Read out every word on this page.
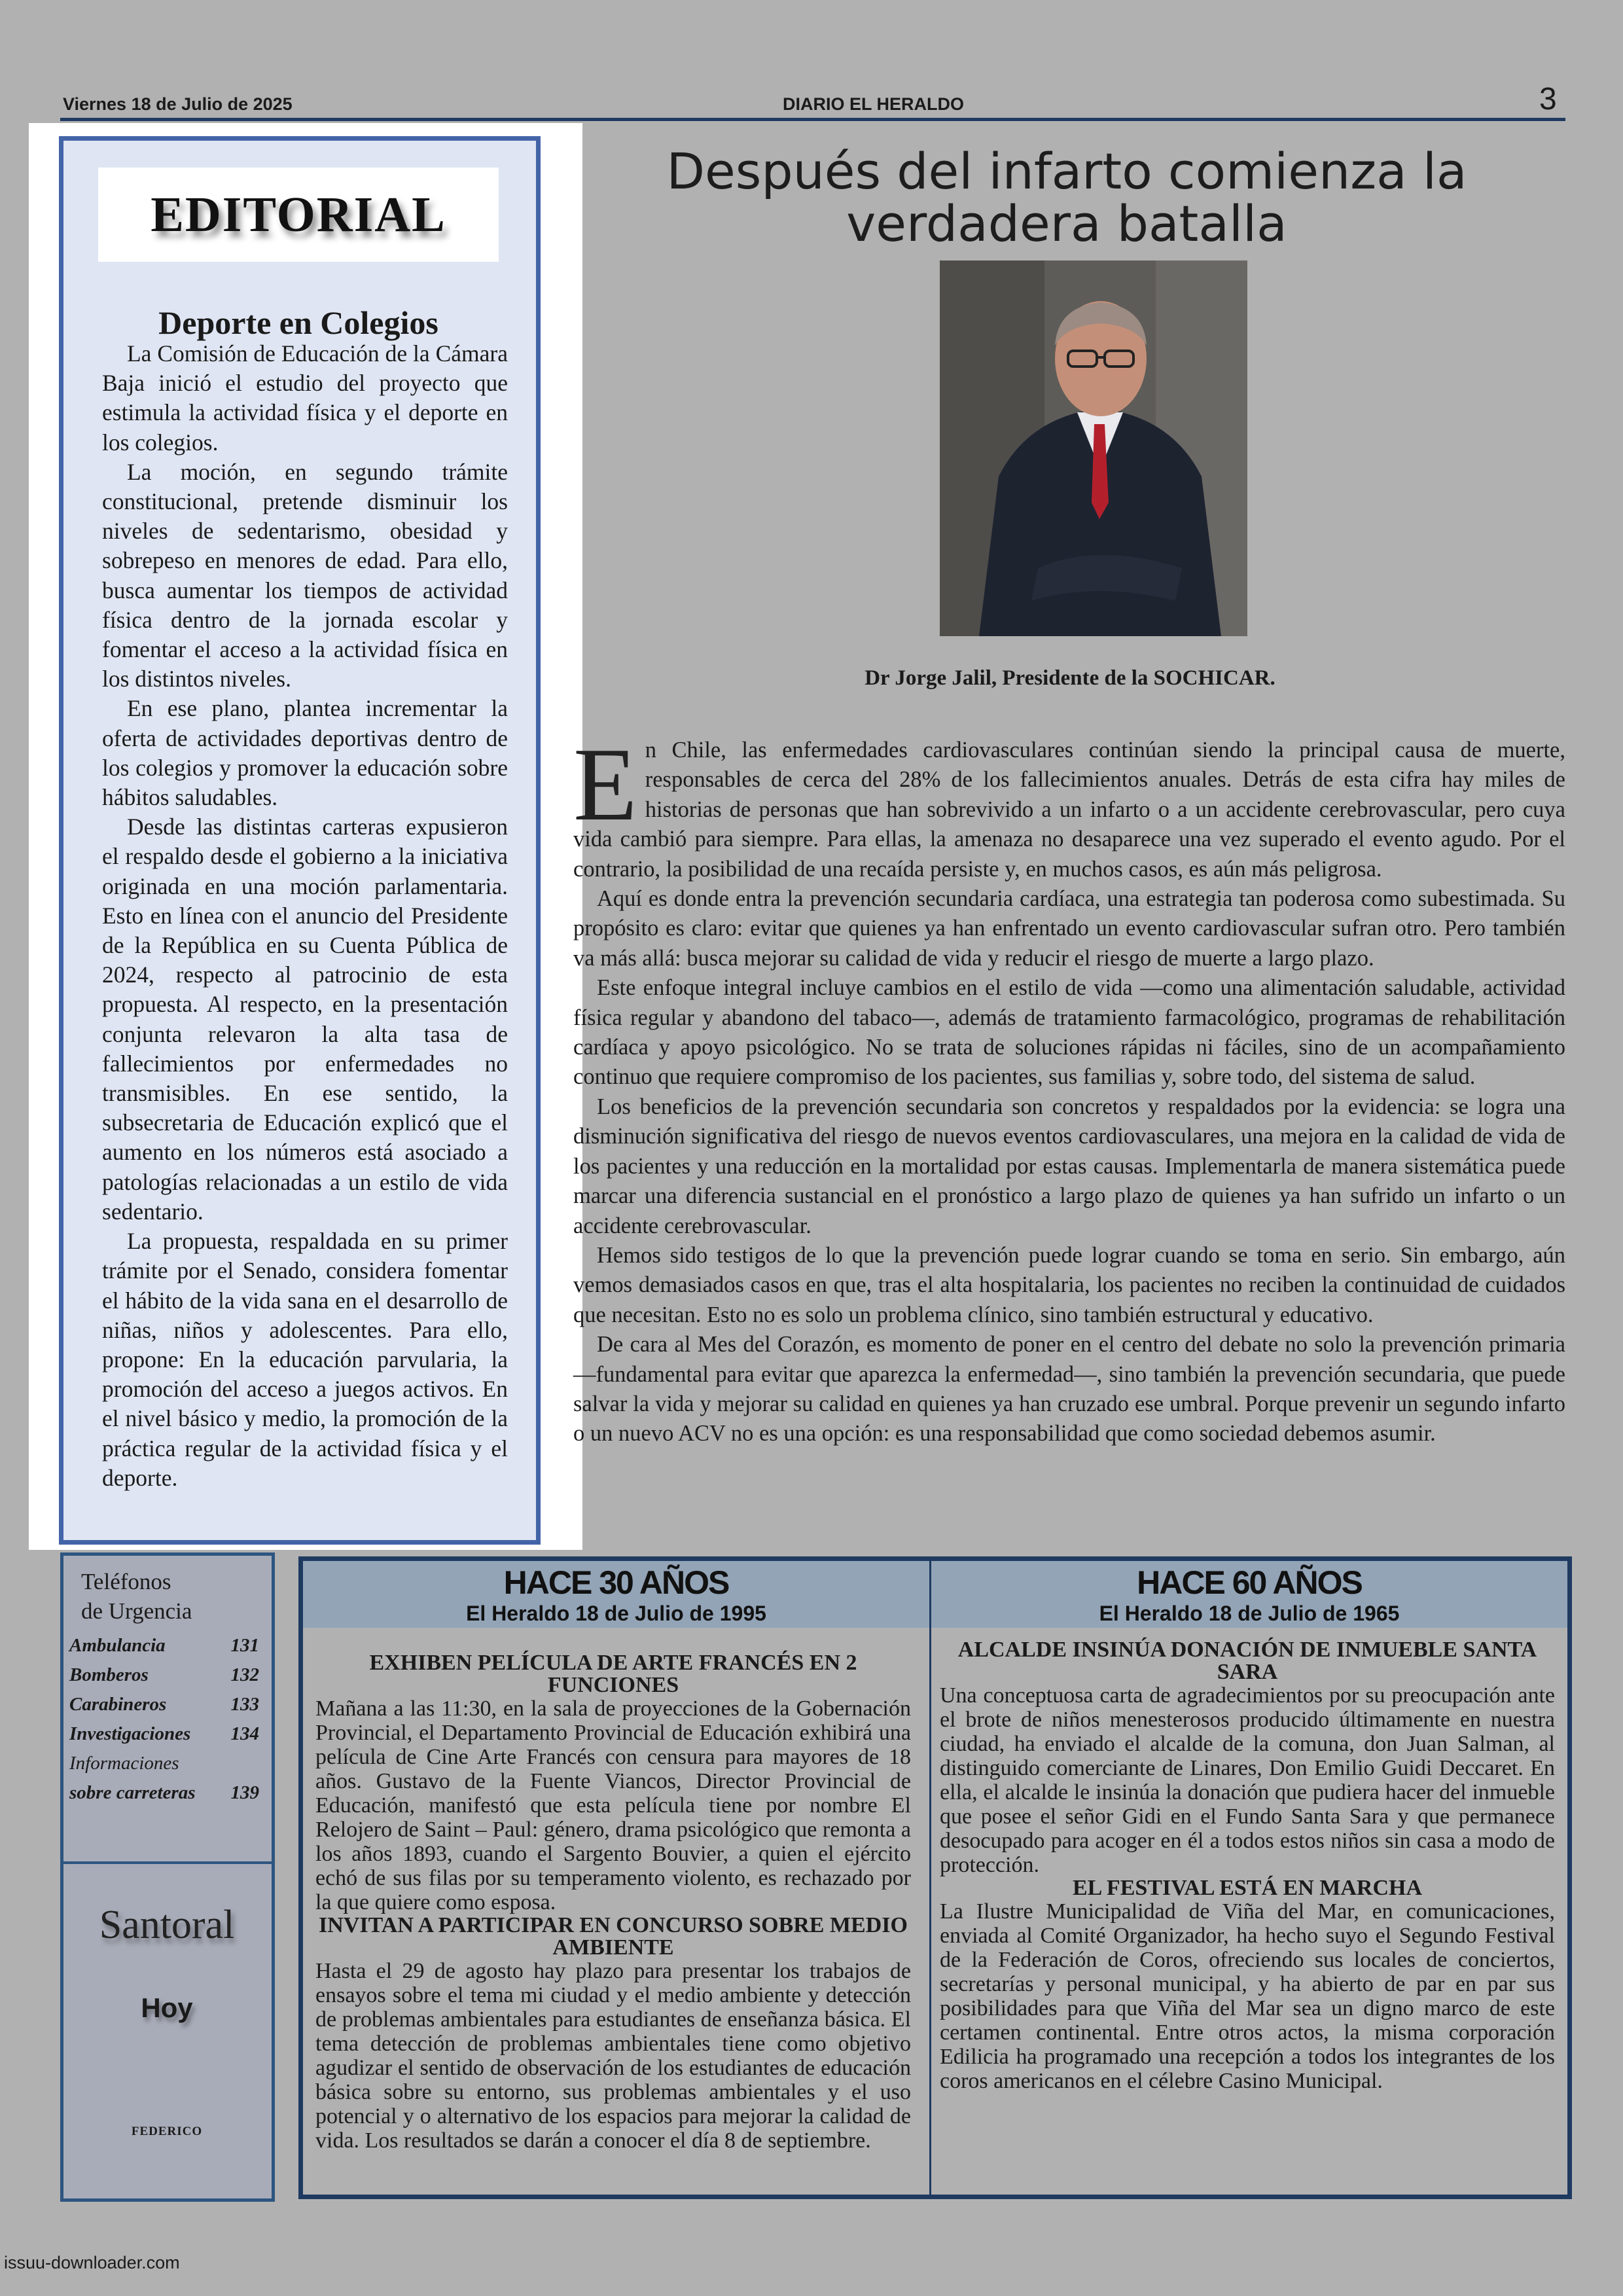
Viernes 18 de Julio de 2025	DIARIO EL HERALDO	3
EDITORIAL
Deporte en Colegios

La Comisión de Educación de la Cámara Baja inició el estudio del proyecto que estimula la actividad física y el deporte en los colegios.

La moción, en segundo trámite constitucional, pretende disminuir los niveles de sedentarismo, obesidad y sobrepeso en menores de edad. Para ello, busca aumentar los tiempos de actividad física dentro de la jornada escolar y fomentar el acceso a la actividad física en los distintos niveles.

En ese plano, plantea incrementar la oferta de actividades deportivas dentro de los colegios y promover la educación sobre hábitos saludables.

Desde las distintas carteras expusieron el respaldo desde el gobierno a la iniciativa originada en una moción parlamentaria. Esto en línea con el anuncio del Presidente de la República en su Cuenta Pública de 2024, respecto al patrocinio de esta propuesta. Al respecto, en la presentación conjunta relevaron la alta tasa de fallecimientos por enfermedades no transmisibles. En ese sentido, la subsecretaria de Educación explicó que el aumento en los números está asociado a patologías relacionadas a un estilo de vida sedentario.

La propuesta, respaldada en su primer trámite por el Senado, considera fomentar el hábito de la vida sana en el desarrollo de niñas, niños y adolescentes. Para ello, propone: En la educación parvularia, la promoción del acceso a juegos activos. En el nivel básico y medio, la promoción de la práctica regular de la actividad física y el deporte.

Después del infarto comienza la verdadera batalla
Dr Jorge Jalil, Presidente de la SOCHICAR.

En Chile, las enfermedades cardiovasculares continúan siendo la principal causa de muerte, responsables de cerca del 28% de los fallecimientos anuales. Detrás de esta cifra hay miles de historias de personas que han sobrevivido a un infarto o a un accidente cerebrovascular, pero cuya vida cambió para siempre. Para ellas, la amenaza no desaparece una vez superado el evento agudo. Por el contrario, la posibilidad de una recaída persiste y, en muchos casos, es aún más peligrosa.

Aquí es donde entra la prevención secundaria cardíaca, una estrategia tan poderosa como subestimada. Su propósito es claro: evitar que quienes ya han enfrentado un evento cardiovascular sufran otro. Pero también va más allá: busca mejorar su calidad de vida y reducir el riesgo de muerte a largo plazo.

Este enfoque integral incluye cambios en el estilo de vida —como una alimentación saludable, actividad física regular y abandono del tabaco—, además de tratamiento farmacológico, programas de rehabilitación cardíaca y apoyo psicológico. No se trata de soluciones rápidas ni fáciles, sino de un acompañamiento continuo que requiere compromiso de los pacientes, sus familias y, sobre todo, del sistema de salud.

Los beneficios de la prevención secundaria son concretos y respaldados por la evidencia: se logra una disminución significativa del riesgo de nuevos eventos cardiovasculares, una mejora en la calidad de vida de los pacientes y una reducción en la mortalidad por estas causas. Implementarla de manera sistemática puede marcar una diferencia sustancial en el pronóstico a largo plazo de quienes ya han sufrido un infarto o un accidente cerebrovascular.

Hemos sido testigos de lo que la prevención puede lograr cuando se toma en serio. Sin embargo, aún vemos demasiados casos en que, tras el alta hospitalaria, los pacientes no reciben la continuidad de cuidados que necesitan. Esto no es solo un problema clínico, sino también estructural y educativo.

De cara al Mes del Corazón, es momento de poner en el centro del debate no solo la prevención primaria —fundamental para evitar que aparezca la enfermedad—, sino también la prevención secundaria, que puede salvar la vida y mejorar su calidad en quienes ya han cruzado ese umbral. Porque prevenir un segundo infarto o un nuevo ACV no es una opción: es una responsabilidad que como sociedad debemos asumir.

Teléfonos
de Urgencia
Ambulancia	131
Bomberos	132
Carabineros	133
Investigaciones 134
Informaciones
sobre carreteras 139
Santoral
Hoy
FEDERICO
HACE 30 AÑOS
El Heraldo 18 de Julio de 1995
HACE 60 AÑOS
El Heraldo 18 de Julio de 1965
EXHIBEN PELÍCULA DE ARTE FRANCÉS EN 2 FUNCIONES

Mañana a las 11:30, en la sala de proyecciones de la Gobernación Provincial, el Departamento Provincial de Educación exhibirá una película de Cine Arte Francés con censura para mayores de 18 años. Gustavo de la Fuente Viancos, Director Provincial de Educación, manifestó que esta película tiene por nombre El Relojero de Saint – Paul: género, drama psicológico que remonta a los años 1893, cuando el Sargento Bouvier, a quien el ejército echó de sus filas por su temperamento violento, es rechazado por la que quiere como esposa.

INVITAN A PARTICIPAR EN CONCURSO SOBRE MEDIO AMBIENTE

Hasta el 29 de agosto hay plazo para presentar los trabajos de ensayos sobre el tema mi ciudad y el medio ambiente y detección de problemas ambientales para estudiantes de enseñanza básica. El tema detección de problemas ambientales tiene como objetivo agudizar el sentido de observación de los estudiantes de educación básica sobre su entorno, sus problemas ambientales y el uso potencial y o alternativo de los espacios para mejorar la calidad de vida. Los resultados se darán a conocer el día 8 de septiembre.

ALCALDE INSINÚA DONACIÓN DE INMUEBLE SANTA SARA

Una conceptuosa carta de agradecimientos por su preocupación ante el brote de niños menesterosos producido últimamente en nuestra ciudad, ha enviado el alcalde de la comuna, don Juan Salman, al distinguido comerciante de Linares, Don Emilio Guidi Deccaret. En ella, el alcalde le insinúa la donación que pudiera hacer del inmueble que posee el señor Gidi en el Fundo Santa Sara y que permanece desocupado para acoger en él a todos estos niños sin casa a modo de protección.

EL FESTIVAL ESTÁ EN MARCHA

La Ilustre Municipalidad de Viña del Mar, en comunicaciones, enviada al Comité Organizador, ha hecho suyo el Segundo Festival de la Federación de Coros, ofreciendo sus locales de conciertos, secretarías y personal municipal, y ha abierto de par en par sus posibilidades para que Viña del Mar sea un digno marco de este certamen continental. Entre otros actos, la misma corporación Edilicia ha programado una recepción a todos los integrantes de los coros americanos en el célebre Casino Municipal.

issuu-downloader.com
